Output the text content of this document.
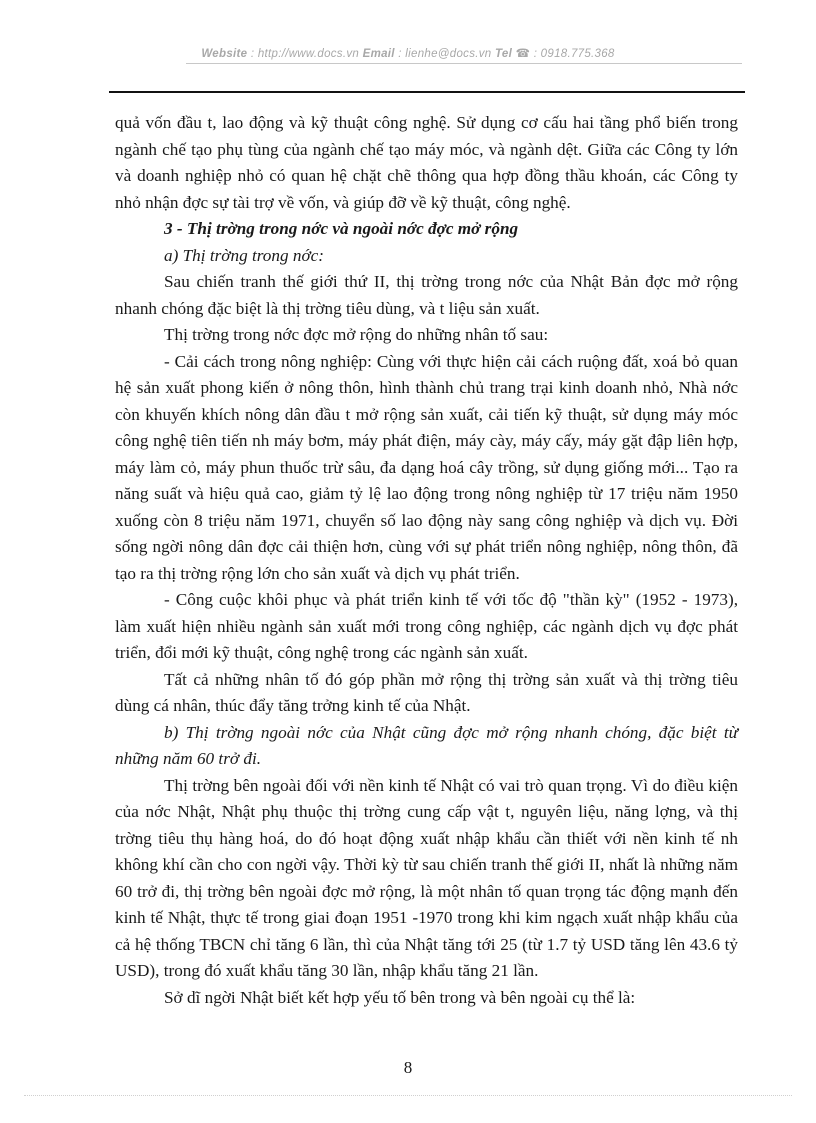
Website : http://www.docs.vn Email : lienhe@docs.vn Tel ☎ : 0918.775.368

quả vốn đầu t, lao động và kỹ thuật công nghệ. Sử dụng cơ cấu hai tầng phổ biến trong ngành chế tạo phụ tùng của ngành chế tạo máy móc, và ngành dệt. Giữa các Công ty lớn và doanh nghiệp nhỏ có quan hệ chặt chẽ thông qua hợp đồng thầu khoán, các Công ty nhỏ nhận đợc sự tài trợ về vốn, và giúp đỡ về kỹ thuật, công nghệ.

3 - Thị trờng trong nớc và ngoài nớc đợc mở rộng

a) Thị trờng trong nớc:

Sau chiến tranh thế giới thứ II, thị trờng trong nớc của Nhật Bản đợc mở rộng nhanh chóng đặc biệt là thị trờng tiêu dùng, và t liệu sản xuất.

Thị trờng trong nớc đợc mở rộng do những nhân tố sau:

- Cải cách trong nông nghiệp: Cùng với thực hiện cải cách ruộng đất, xoá bỏ quan hệ sản xuất phong kiến ở nông thôn, hình thành chủ trang trại kinh doanh nhỏ, Nhà nớc còn khuyến khích nông dân đầu t mở rộng sản xuất, cải tiến kỹ thuật, sử dụng máy móc công nghệ tiên tiến nh máy bơm, máy phát điện, máy cày, máy cấy, máy gặt đập liên hợp, máy làm cỏ, máy phun thuốc trừ sâu, đa dạng hoá cây trồng, sử dụng giống mới... Tạo ra năng suất và hiệu quả cao, giảm tỷ lệ lao động trong nông nghiệp từ 17 triệu năm 1950 xuống còn 8 triệu năm 1971, chuyển số lao động này sang công nghiệp và dịch vụ. Đời sống ngời nông dân đợc cải thiện hơn, cùng với sự phát triển nông nghiệp, nông thôn, đã tạo ra thị trờng rộng lớn cho sản xuất và dịch vụ phát triển.

- Công cuộc khôi phục và phát triển kinh tế với tốc độ "thần kỳ" (1952 - 1973), làm xuất hiện nhiều ngành sản xuất mới trong công nghiệp, các ngành dịch vụ đợc phát triển, đổi mới kỹ thuật, công nghệ trong các ngành sản xuất.

Tất cả những nhân tố đó góp phần mở rộng thị trờng sản xuất và thị trờng tiêu dùng cá nhân, thúc đẩy tăng trởng kinh tế của Nhật.

b) Thị trờng ngoài nớc của Nhật cũng đợc mở rộng nhanh chóng, đặc biệt từ những năm 60 trở đi.

Thị trờng bên ngoài đối với nền kinh tế Nhật có vai trò quan trọng. Vì do điều kiện của nớc Nhật, Nhật phụ thuộc thị trờng cung cấp vật t, nguyên liệu, năng lợng, và thị trờng tiêu thụ hàng hoá, do đó hoạt động xuất nhập khẩu cần thiết với nền kinh tế nh không khí cần cho con ngời vậy. Thời kỳ từ sau chiến tranh thế giới II, nhất là những năm 60 trở đi, thị trờng bên ngoài đợc mở rộng, là một nhân tố quan trọng tác động mạnh đến kinh tế Nhật, thực tế trong giai đoạn 1951 -1970 trong khi kim ngạch xuất nhập khẩu của cả hệ thống TBCN chỉ tăng 6 lần, thì của Nhật tăng tới 25 (từ 1.7 tỷ USD tăng lên 43.6 tỷ USD), trong đó xuất khẩu tăng 30 lần, nhập khẩu tăng 21 lần.

Sở dĩ ngời Nhật biết kết hợp yếu tố bên trong và bên ngoài cụ thể là:

8
